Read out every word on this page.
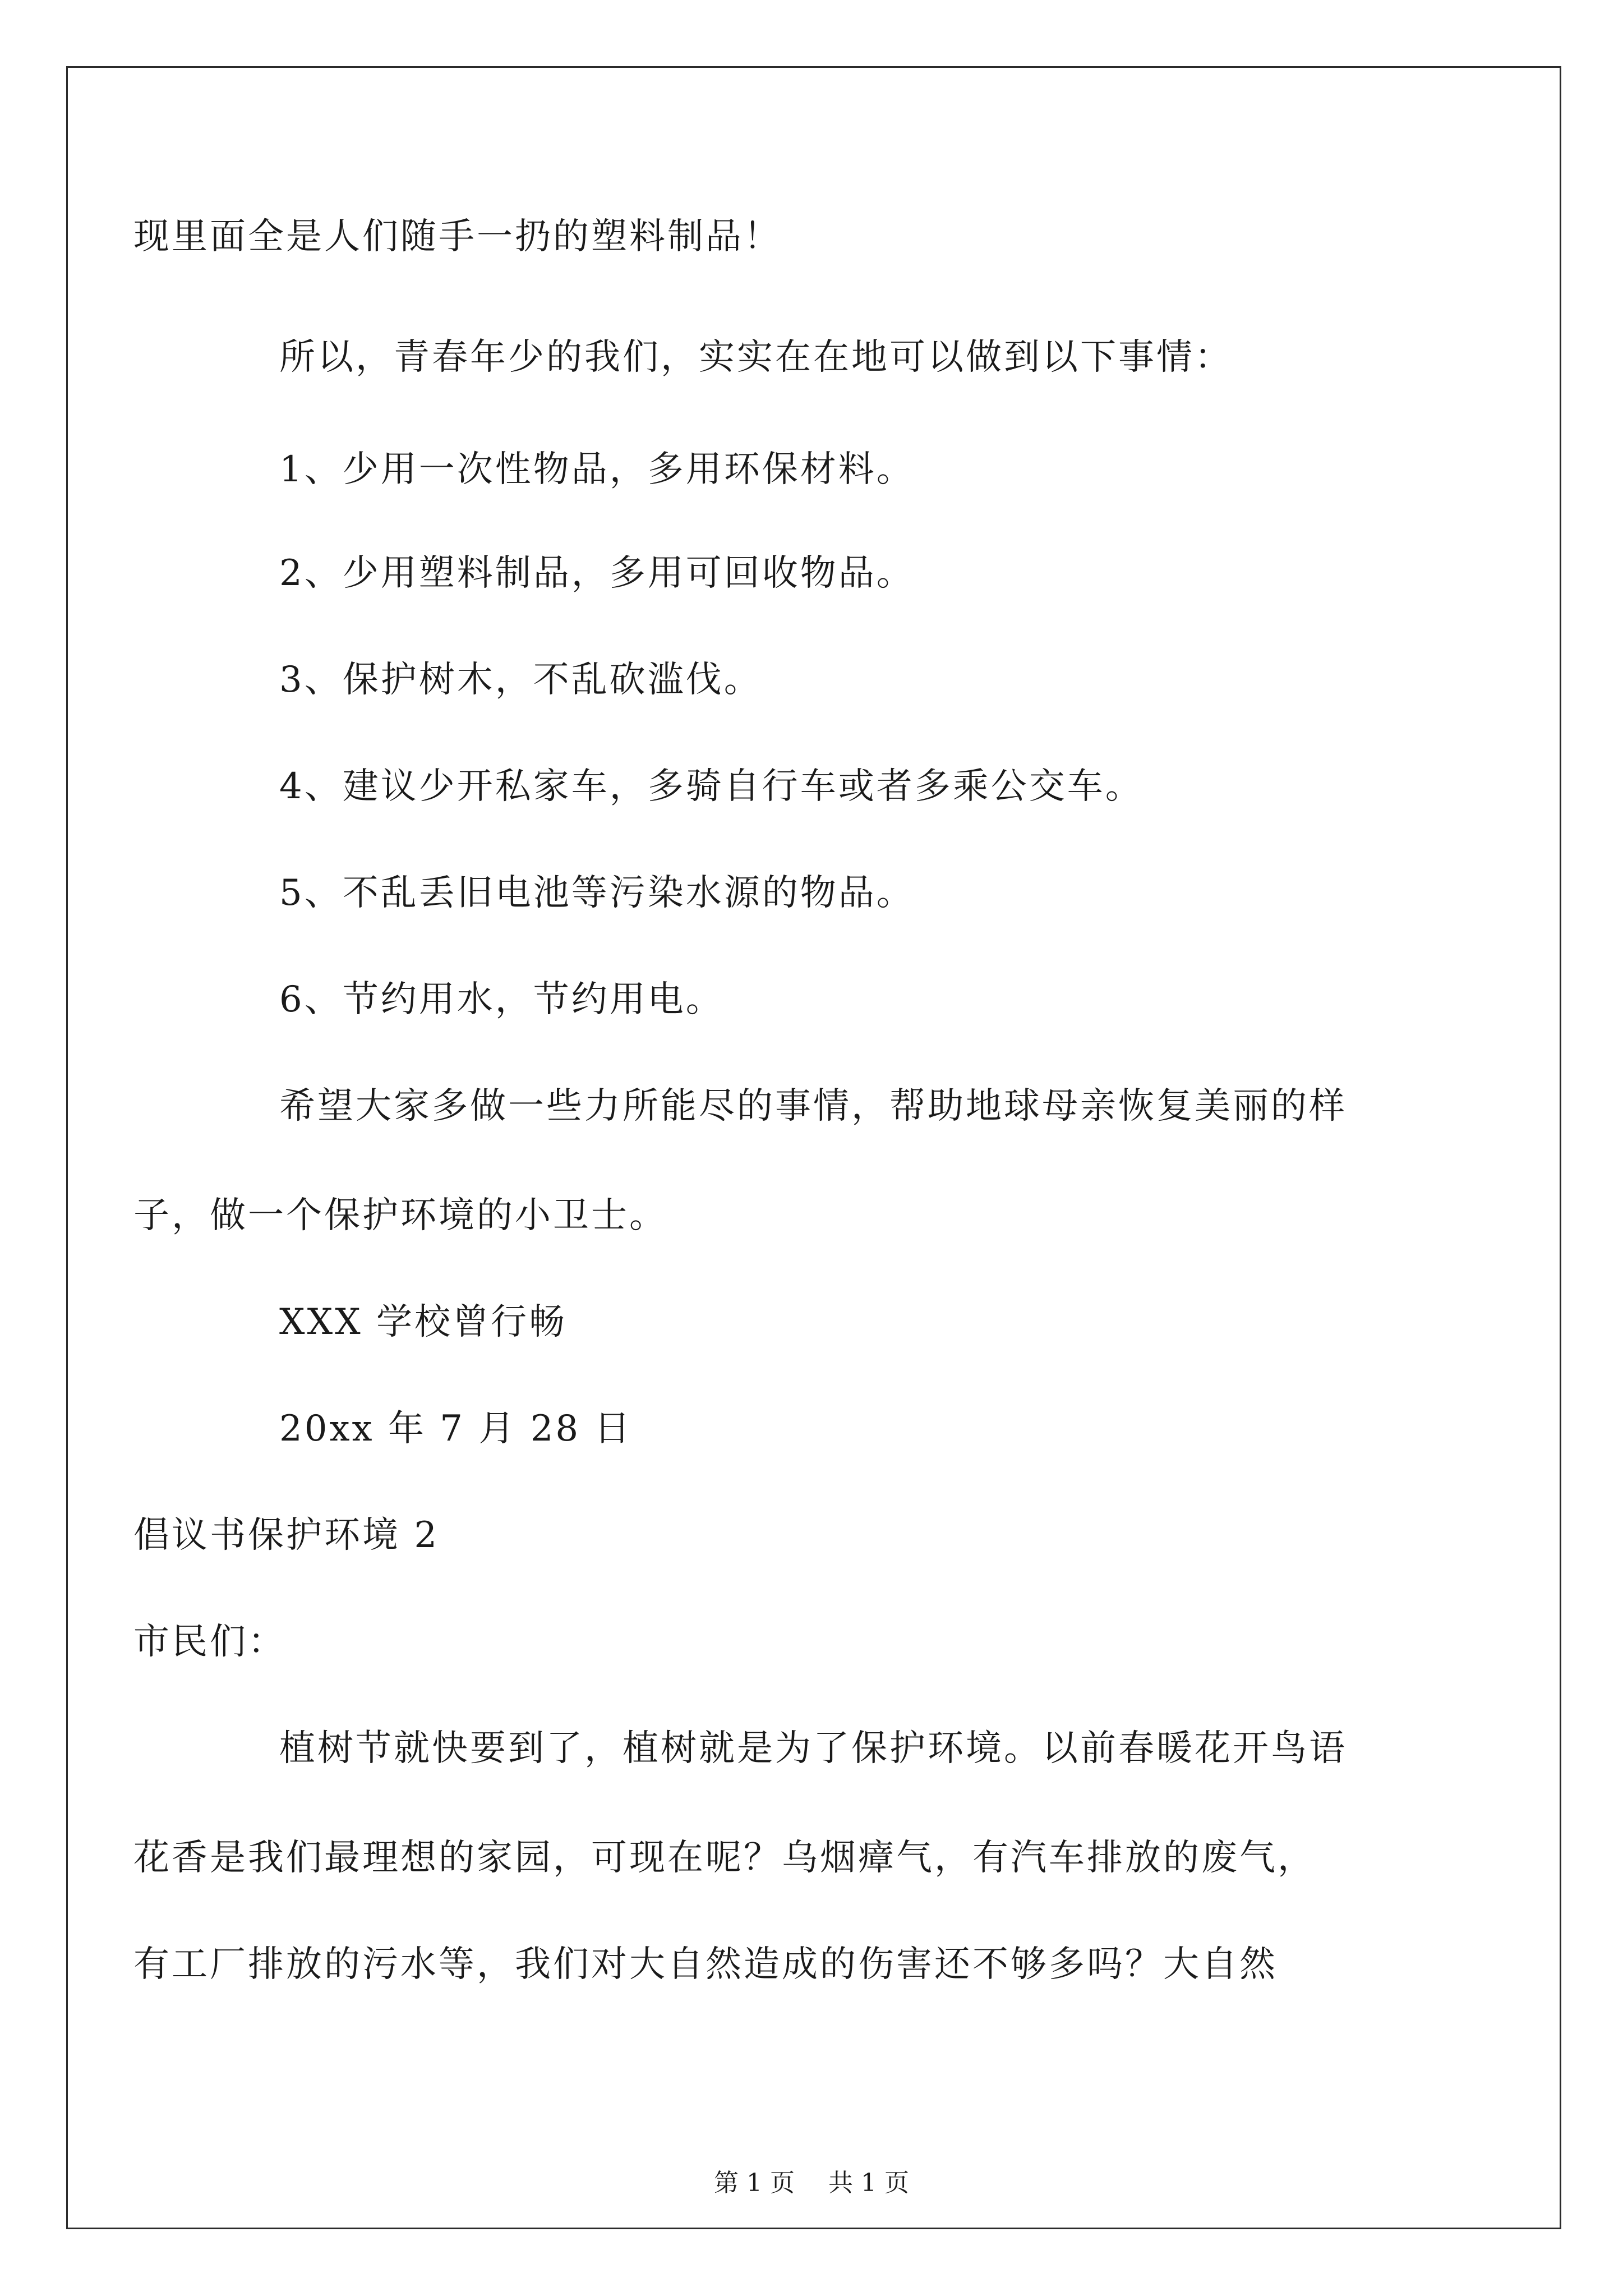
现里面全是人们随手一扔的塑料制品！
所以，青春年少的我们，实实在在地可以做到以下事情：
1、少用一次性物品，多用环保材料。
2、少用塑料制品，多用可回收物品。
3、保护树木，不乱砍滥伐。
4、建议少开私家车，多骑自行车或者多乘公交车。
5、不乱丢旧电池等污染水源的物品。
6、节约用水，节约用电。
希望大家多做一些力所能尽的事情，帮助地球母亲恢复美丽的样
子，做一个保护环境的小卫士。
XXX 学校曾行畅
20xx 年 7 月 28 日
倡议书保护环境 2
市民们：
植树节就快要到了，植树就是为了保护环境。以前春暖花开鸟语
花香是我们最理想的家园，可现在呢？乌烟瘴气，有汽车排放的废气，
有工厂排放的污水等，我们对大自然造成的伤害还不够多吗？大自然
第 1 页 共 1 页
